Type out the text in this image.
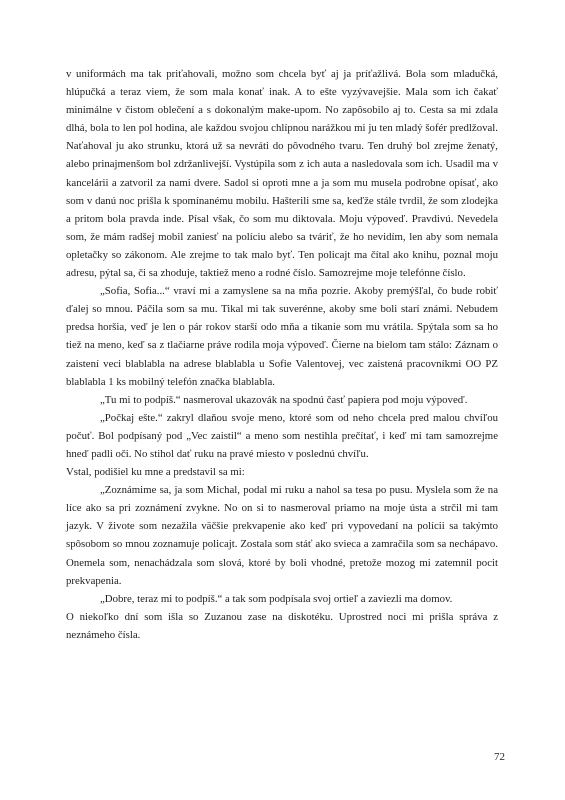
v uniformách ma tak priťahovali, možno som chcela byť aj ja príťažlivá. Bola som mladučká, hlúpučká a teraz viem, že som mala konať inak. A to ešte vyzývavejšie. Mala som ich čakať minimálne v čistom oblečení a s dokonalým make-upom. No zapôsobilo aj to. Cesta sa mi zdala dlhá, bola to len pol hodina, ale každou svojou chlípnou narážkou mi ju ten mladý šofér predlžoval. Naťahoval ju ako strunku, ktorá už sa nevráti do pôvodného tvaru. Ten druhý bol zrejme ženatý, alebo prinajmenšom bol zdržanlivejší. Vystúpila som z ich auta a nasledovala som ich. Usadil ma v kancelárii a zatvoril za nami dvere. Sadol si oproti mne a ja som mu musela podrobne opísať, ako som v danú noc prišla k spomínanému mobilu. Hašterili sme sa, keďže stále tvrdil, že som zlodejka a pritom bola pravda inde. Písal však, čo som mu diktovala. Moju výpoveď. Pravdivú. Nevedela som, že mám radšej mobil zaniesť na políciu alebo sa tváriť, že ho nevidím, len aby som nemala opletačky so zákonom. Ale zrejme to tak malo byť. Ten policajt ma čítal ako knihu, poznal moju adresu, pýtal sa, či sa zhoduje, taktiež meno a rodné číslo. Samozrejme moje telefónne číslo.

„Sofia, Sofia...“ vraví mi a zamyslene sa na mňa pozrie. Akoby premýšľal, čo bude robiť ďalej so mnou. Páčila som sa mu. Tikal mi tak suverénne, akoby sme boli starí známi. Nebudem predsa horšia, veď je len o pár rokov starší odo mňa a tikanie som mu vrátila. Spýtala som sa ho tiež na meno, keď sa z tlačiarne práve rodila moja výpoveď. Čierne na bielom tam stálo: Záznam o zaistení veci blablabla na adrese blablabla u Sofie Valentovej, vec zaistená pracovníkmi OO PZ blablabla 1 ks mobilný telefón značka blablabla.

„Tu mi to podpíš.“ nasmeroval ukazovák na spodnú časť papiera pod moju výpoveď.

„Počkaj ešte.“ zakryl dlaňou svoje meno, ktoré som od neho chcela pred malou chvíľou počuť. Bol podpísaný pod „Vec zaistil“ a meno som nestihla prečítať, i keď mi tam samozrejme hneď padli oči. No stihol dať ruku na pravé miesto v poslednú chvíľu.

Vstal, podišiel ku mne a predstavil sa mi:

„Zoznámime sa, ja som Michal, podal mi ruku a nahol sa tesa po pusu. Myslela som že na líce ako sa pri zoznámení zvykne. No on si to nasmeroval priamo na moje ústa a strčil mi tam jazyk. V živote som nezažila väčšie prekvapenie ako keď pri vypovedaní na polícii sa takýmto spôsobom so mnou zoznamuje policajt. Zostala som stáť ako svieca a zamračila som sa nechápavo. Onemela som, nenachádzala som slová, ktoré by boli vhodné, pretože mozog mi zatemnil pocit prekvapenia.

„Dobre, teraz mi to podpíš.“ a tak som podpísala svoj ortieľ a zaviezli ma domov.

O niekoľko dní som išla so Zuzanou zase na diskotéku. Uprostred noci mi prišla správa z neznámeho čísla.

72
